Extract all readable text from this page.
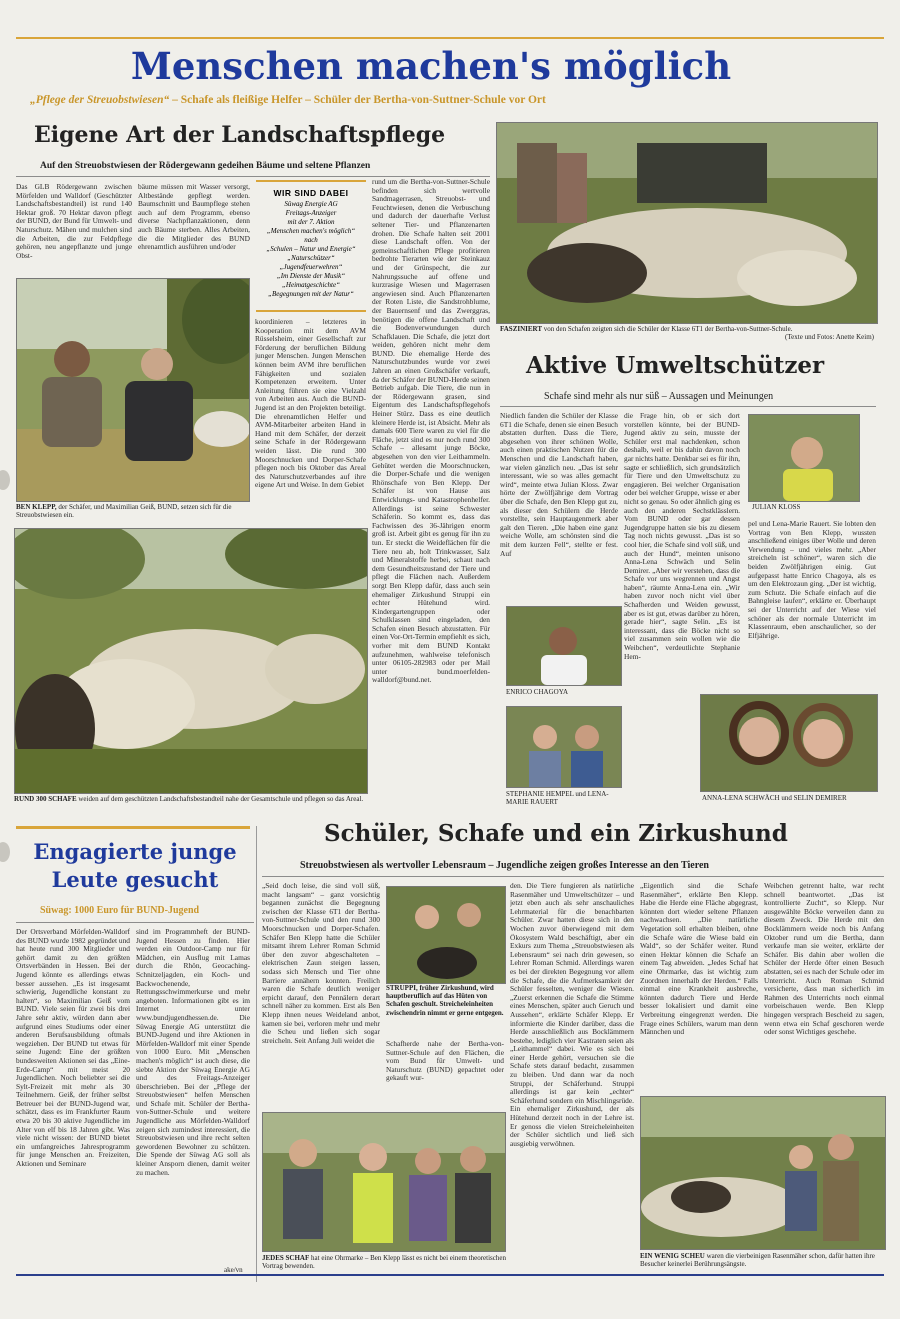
Menschen machen's möglich
„Pflege der Streuobstwiesen“ – Schafe als fleißige Helfer – Schüler der Bertha-von-Suttner-Schule vor Ort
Eigene Art der Landschaftspflege
Auf den Streuobstwiesen der Rödergewann gedeihen Bäume und seltene Pflanzen
Das GLB Rödergewann zwischen Mörfelden und Walldorf (Geschützter Landschaftsbestandteil) ist rund 140 Hektar groß. 70 Hektar davon pflegt der BUND, der Bund für Umwelt- und Naturschutz. Mähen und mulchen sind die Arbeiten, die zur Feldpflege gehören, neu angepflanzte und junge Obst-
bäume müssen mit Wasser versorgt, Altbestände gepflegt werden. Baumschnitt und Baumpflege stehen auch auf dem Programm, ebenso diverse Nachpflanzaktionen, denn auch Bäume sterben. Alles Arbeiten, die die Mitglieder des BUND ehrenamtlich ausführen und/oder
WIR SIND DABEI
Süwag Energie AG
Freitags-Anzeiger
mit der 7. Aktion
„Menschen machen's möglich“
nach
„Schulen – Natur und Energie“
„Naturschützer“
„Jugendfeuerwehren“
„Im Dienste der Musik“
„Heimatgeschichte“
„Begegnungen mit der Natur“
rund um die Bertha-von-Suttner-Schule befinden sich wertvolle Sandmagerrasen, Streuobst- und Feuchtwiesen, denen die Verbuschung und dadurch der dauerhafte Verlust seltener Tier- und Pflanzenarten drohen. Die Schafe halten seit 2001 diese Landschaft offen. Von der gemeinschaftlichen Pflege profitieren bedrohte Tierarten wie der Steinkauz und der Grünspecht, die zur Nahrungssuche auf offene und kurzrasige Wiesen und Magerrasen angewiesen sind. Auch Pflanzenarten der Roten Liste, die Sandstrohblume, der Bauernsenf und das Zwerggras, benötigen die offene Landschaft und die Bodenverwundungen durch Schafklauen. Die Schafe, die jetzt dort weiden, gehören nicht mehr dem BUND. Die ehemalige Herde des Naturschutzbundes wurde vor zwei Jahren an einen Großschäfer verkauft, da der Schäfer der BUND-Herde seinen Betrieb aufgab. Die Tiere, die nun in der Rödergewann grasen, sind Eigentum des Landschaftspflegehofs Heiner Stürz. Dass es eine deutlich kleinere Herde ist, ist Absicht. Mehr als damals 600 Tiere waren zu viel für die Fläche, jetzt sind es nur noch rund 300 Schafe – allesamt junge Böcke, abgesehen von den vier Leithammeln. Gehütet werden die Moorschnucken, die Dorper-Schafe und die wenigen Rhönschafe von Ben Klepp. Der Schäfer ist von Hause aus Entwicklungs- und Katastrophenhelfer. Allerdings ist seine Schwester Schäferin. So kommt es, dass das Fachwissen des 36-Jährigen enorm groß ist. Arbeit gibt es genug für ihn zu tun. Er steckt die Weideflächen für die Tiere neu ab, holt Trinkwasser, Salz und Mineralstoffe herbei, schaut nach dem Gesundheitszustand der Tiere und pflegt die Flächen nach. Außerdem sorgt Ben Klepp dafür, dass auch sein ehemaliger Zirkushund Struppi ein echter Hütehund wird. Kindergartengruppen oder Schulklassen sind eingeladen, den Schafen einen Besuch abzustatten. Für einen Vor-Ort-Termin empfiehlt es sich, vorher mit dem BUND Kontakt aufzunehmen, wahlweise telefonisch unter 06105-282983 oder per Mail unter bund.moerfelden-walldorf@bund.net.
koordinieren – letzteres in Kooperation mit dem AVM Rüsselsheim, einer Gesellschaft zur Förderung der beruflichen Bildung junger Menschen. Jungen Menschen können beim AVM ihre beruflichen Fähigkeiten und sozialen Kompetenzen erweitern. Unter Anleitung führen sie eine Vielzahl von Arbeiten aus. Auch die BUND-Jugend ist an den Projekten beteiligt. Die ehrenamtlichen Helfer und AVM-Mitarbeiter arbeiten Hand in Hand mit dem Schäfer, der derzeit seine Schafe in der Rödergewann weiden lässt. Die rund 300 Moorschnucken und Dorper-Schafe pflegen noch bis Oktober das Areal des Naturschutzverbandes auf ihre eigene Art und Weise. In dem Gebiet
BEN KLEPP, der Schäfer, und Maximilian Geiß, BUND, setzen sich für die Streuobstwiesen ein.
RUND 300 SCHAFE weiden auf dem geschützten Landschaftsbestandteil nahe der Gesamtschule und pflegen so das Areal.
FASZINIERT von den Schafen zeigten sich die Schüler der Klasse 6T1 der Bertha-von-Suttner-Schule.
(Texte und Fotos: Anette Keim)
Aktive Umweltschützer
Schafe sind mehr als nur süß – Aussagen und Meinungen
Niedlich fanden die Schüler der Klasse 6T1 die Schafe, denen sie einen Besuch abstatten durften. Dass die Tiere, abgesehen von ihrer schönen Wolle, auch einen praktischen Nutzen für die Menschen und die Landschaft haben, war vielen gänzlich neu. „Das ist sehr interessant, wie so was alles gemacht wird“, meinte etwa Julian Kloss. Zwar hörte der Zwölfjährige dem Vortrag über die Schafe, den Ben Klepp gut zu, als dieser den Schülern die Herde vorstellte, sein Hauptaugenmerk aber galt den Tieren. „Die haben eine ganz weiche Wolle, am schönsten sind die mit dem kurzen Fell“, stellte er fest. Auf
die Frage hin, ob er sich dort vorstellen könnte, bei der BUND-Jugend aktiv zu sein, musste der Schüler erst mal nachdenken, schon deshalb, weil er bis dahin davon noch gar nichts hatte. Denkbar sei es für ihn, sagte er schließlich, sich grundsätzlich für Tiere und den Umweltschutz zu engagieren. Bei welcher Organisation oder bei welcher Gruppe, wisse er aber nicht so genau. So oder ähnlich ging es auch den anderen Sechstklässlern. Vom BUND oder gar dessen Jugendgruppe hatten sie bis zu diesem Tag noch nichts gewusst. „Das ist so cool hier, die Schafe sind voll süß, und auch der Hund“, meinten unisono Anna-Lena Schwäch und Selin Demirer. „Aber wir verstehen, dass die Schafe vor uns wegrennen und Angst haben“, räumte Anna-Lena ein. „Wir haben zuvor noch nicht viel über Schafherden und Weiden gewusst, aber es ist gut, etwas darüber zu hören, gerade hier“, sagte Selin. „Es ist interessant, dass die Böcke nicht so viel zusammen sein wollen wie die Weibchen“, verdeutlichte Stephanie Hem-
pel und Lena-Marie Rauert. Sie lobten den Vortrag von Ben Klepp, wussten anschließend einiges über Wolle und deren Verwendung – und vieles mehr. „Aber streicheln ist schöner“, waren sich die beiden Zwölfjährigen einig. Gut aufgepasst hatte Enrico Chagoya, als es um den Elektrozaun ging. „Der ist wichtig, zum Schutz. Die Schafe einfach auf die Bahngleise laufen“, erklärte er. Überhaupt sei der Unterricht auf der Wiese viel schöner als der normale Unterricht im Klassenraum, eben anschaulicher, so der Elfjährige.
JULIAN KLOSS
ENRICO CHAGOYA
STEPHANIE HEMPEL und LENA-MARIE RAUERT
ANNA-LENA SCHWÄCH und SELIN DEMIRER
Engagierte junge Leute gesucht
Süwag: 1000 Euro für BUND-Jugend
Der Ortsverband Mörfelden-Walldorf des BUND wurde 1982 gegründet und hat heute rund 300 Mitglieder und gehört damit zu den größten Ortsverbänden in Hessen. Bei der Jugend könnte es allerdings etwas besser aussehen. „Es ist insgesamt schwierig, Jugendliche konstant zu halten“, so Maximilian Geiß vom BUND. Viele seien für zwei bis drei Jahre sehr aktiv, würden dann aber aufgrund eines Studiums oder einer anderen Berufsausbildung oftmals wegziehen. Der BUND tut etwas für seine Jugend: Eine der größten bundesweiten Aktionen sei das „Eine-Erde-Camp“ mit meist 20 Jugendlichen. Noch beliebter sei die Sylt-Freizeit mit mehr als 30 Teilnehmern. Geiß, der früher selbst Betreuer bei der BUND-Jugend war, schätzt, dass es im Frankfurter Raum etwa 20 bis 30 aktive Jugendliche im Alter von elf bis 18 Jahren gibt. Was viele nicht wissen: der BUND bietet ein umfangreiches Jahresprogramm für junge Menschen an. Freizeiten, Aktionen und Seminare
sind im Programmheft der BUND-Jugend Hessen zu finden. Hier werden ein Outdoor-Camp nur für Mädchen, ein Ausflug mit Lamas durch die Rhön, Geocaching-Schnitzeljagden, ein Koch- und Backwochenende, Rettungsschwimmerkurse und mehr angeboten. Informationen gibt es im Internet unter www.bundjugendhessen.de. Die Süwag Energie AG unterstützt die BUND-Jugend und ihre Aktionen in Mörfelden-Walldorf mit einer Spende von 1000 Euro. Mit „Menschen machen's möglich“ ist auch diese, die siebte Aktion der Süwag Energie AG und des Freitags-Anzeiger überschrieben. Bei der „Pflege der Streuobstwiesen“ helfen Menschen und Schafe mit. Schüler der Bertha-von-Suttner-Schule und weitere Jugendliche aus Mörfelden-Walldorf zeigen sich zumindest interessiert, die Streuobstwiesen und ihre recht selten gewordenen Bewohner zu schützen. Die Spende der Süwag AG soll als kleiner Ansporn dienen, damit weiter zu machen.
ake/vn
Schüler, Schafe und ein Zirkushund
Streuobstwiesen als wertvoller Lebensraum – Jugendliche zeigen großes Interesse an den Tieren
„Seid doch leise, die sind voll süß, macht langsam“ – ganz vorsichtig begannen zunächst die Begegnung zwischen der Klasse 6T1 der Bertha-von-Suttner-Schule und den rund 300 Moorschnucken und Dorper-Schafen. Schäfer Ben Klepp hatte die Schüler mitsamt ihrem Lehrer Roman Schmid über den zuvor abgeschalteten – elektrischen Zaun steigen lassen, sodass sich Mensch und Tier ohne Barriere annähern konnten. Freilich waren die Schafe deutlich weniger erpicht darauf, den Pennälern derart schnell näher zu kommen. Erst als Ben Klepp ihnen neues Weideland anbot, kamen sie bei, verloren mehr und mehr die Scheu und ließen sich sogar streicheln. Seit Anfang Juli weidet die
STRUPPI, früher Zirkushund, wird hauptberuflich auf das Hüten von Schafen geschult. Streicheleinheiten zwischendrin nimmt er gerne entgegen.
Schafherde nahe der Bertha-von-Suttner-Schule auf den Flächen, die vom Bund für Umwelt- und Naturschutz (BUND) gepachtet oder gekauft wur-
den. Die Tiere fungieren als natürliche Rasenmäher und Umweltschützer – und jetzt eben auch als sehr anschauliches Lehrmaterial für die benachbarten Schüler. Zwar hatten diese sich in den Wochen zuvor überwiegend mit dem Ökosystem Wald beschäftigt, aber ein Exkurs zum Thema „Streuobstwiesen als Lebensraum“ sei nach drin gewesen, so Lehrer Roman Schmid. Allerdings waren es bei der direkten Begegnung vor allem die Schafe, die die Aufmerksamkeit der Schüler fesselten, weniger die Wiesen. „Zuerst erkennen die Schafe die Stimme eines Menschen, später auch Geruch und Aussehen“, erklärte Schäfer Klepp. Er informierte die Kinder darüber, dass die Herde ausschließlich aus Bocklämmern bestehe, lediglich vier Kastraten seien als „Leithammel“ dabei. Wie es sich bei einer Herde gehört, versuchen sie die Schafe stets darauf bedacht, zusammen zu bleiben. Und dann war da noch Struppi, der Schäferhund. Struppi allerdings ist gar kein „echter“ Schäferhund sondern ein Mischlingsrüde. Ein ehemaliger Zirkushund, der als Hütehund derzeit noch in der Lehre ist. Er genoss die vielen Streicheleinheiten der Schüler sichtlich und ließ sich ausgiebig verwöhnen.
„Eigentlich sind die Schafe Rasenmäher“, erklärte Ben Klepp. Habe die Herde eine Fläche abgegrast, könnten dort wieder seltene Pflanzen nachwachsen. „Die natürliche Vegetation soll erhalten bleiben, ohne die Schafe wäre die Wiese bald ein Wald“, so der Schäfer weiter. Rund einen Hektar können die Schafe an einem Tag abweiden. „Jedes Schaf hat eine Ohrmarke, das ist wichtig zum Zuordnen innerhalb der Herden.“ Falls einmal eine Krankheit ausbreche, könnten dadurch Tiere und Herde besser lokalisiert und damit eine Verbreitung eingegrenzt werden. Die Frage eines Schülers, warum man denn Männchen und
Weibchen getrennt halte, war recht schnell beantwortet. „Das ist kontrollierte Zucht“, so Klepp. Nur ausgewählte Böcke verweilen dann zu diesem Zweck. Die Herde mit den Bocklämmern weide noch bis Anfang Oktober rund um die Bertha, dann verkaufe man sie weiter, erklärte der Schäfer. Bis dahin aber wollen die Schüler der Herde öfter einen Besuch abstatten, sei es nach der Schule oder im Unterricht. Auch Roman Schmid versicherte, dass man sicherlich im Rahmen des Unterrichts noch einmal vorbeischauen werde. Ben Klepp hingegen versprach Bescheid zu sagen, wenn etwa ein Schaf geschoren werde oder sonst Wichtiges geschehe.
JEDES SCHAF hat eine Ohrmarke – Ben Klepp lässt es nicht bei einem theoretischen Vortrag bewenden.
EIN WENIG SCHEU waren die vierbeinigen Rasenmäher schon, dafür hatten ihre Besucher keinerlei Berührungsängste.
